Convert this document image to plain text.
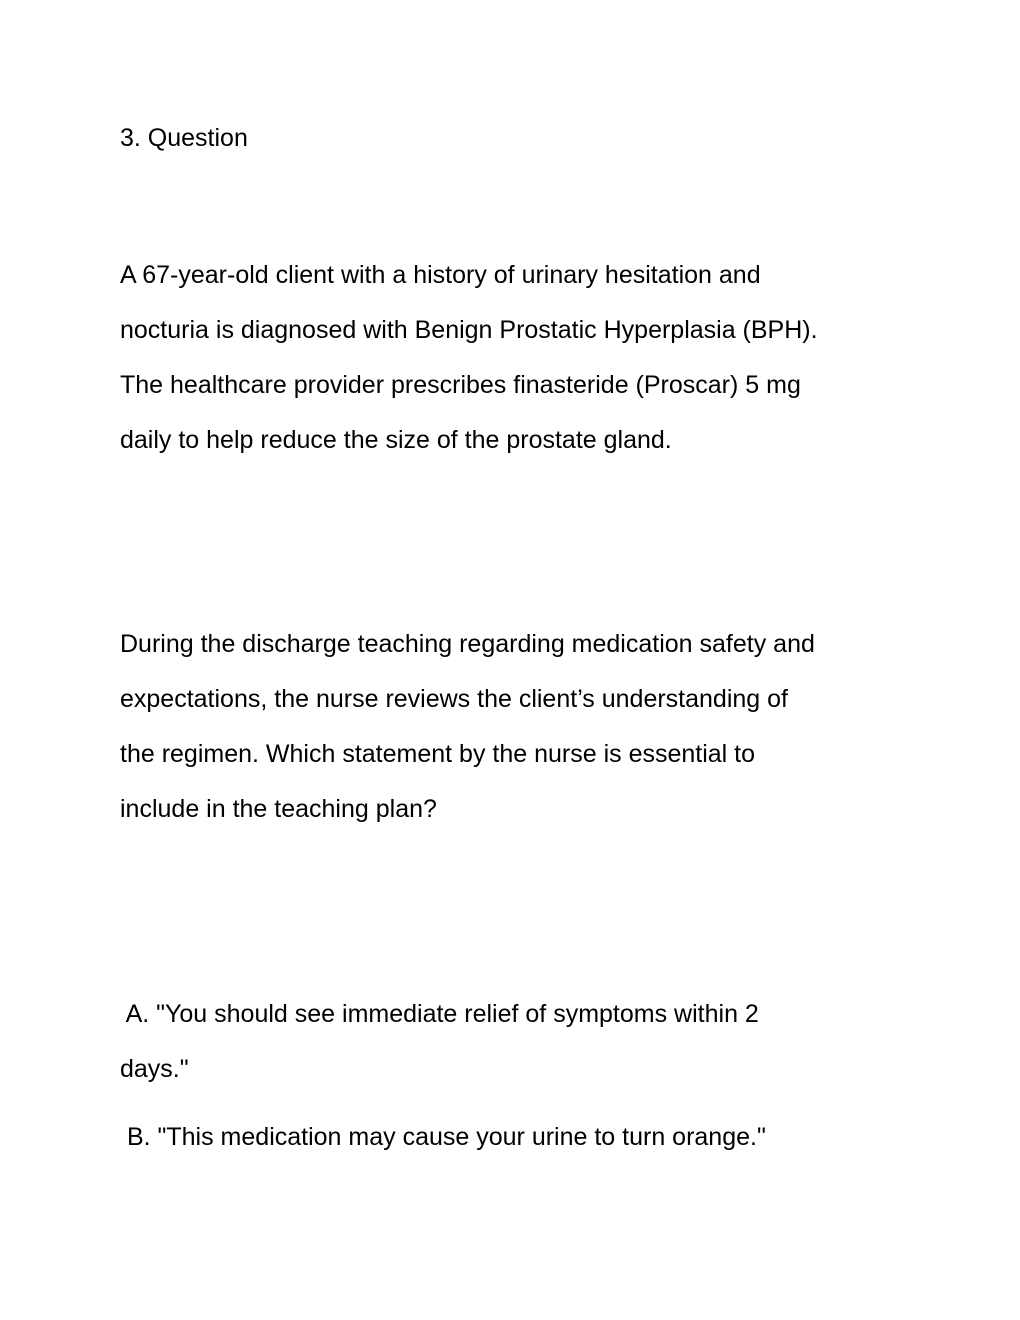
3. Question

A 67-year-old client with a history of urinary hesitation and
nocturia is diagnosed with Benign Prostatic Hyperplasia (BPH).
The healthcare provider prescribes finasteride (Proscar) 5 mg
daily to help reduce the size of the prostate gland.

During the discharge teaching regarding medication safety and
expectations, the nurse reviews the client’s understanding of
the regimen. Which statement by the nurse is essential to
include in the teaching plan?

A. "You should see immediate relief of symptoms within 2
days."

B. "This medication may cause your urine to turn orange."
